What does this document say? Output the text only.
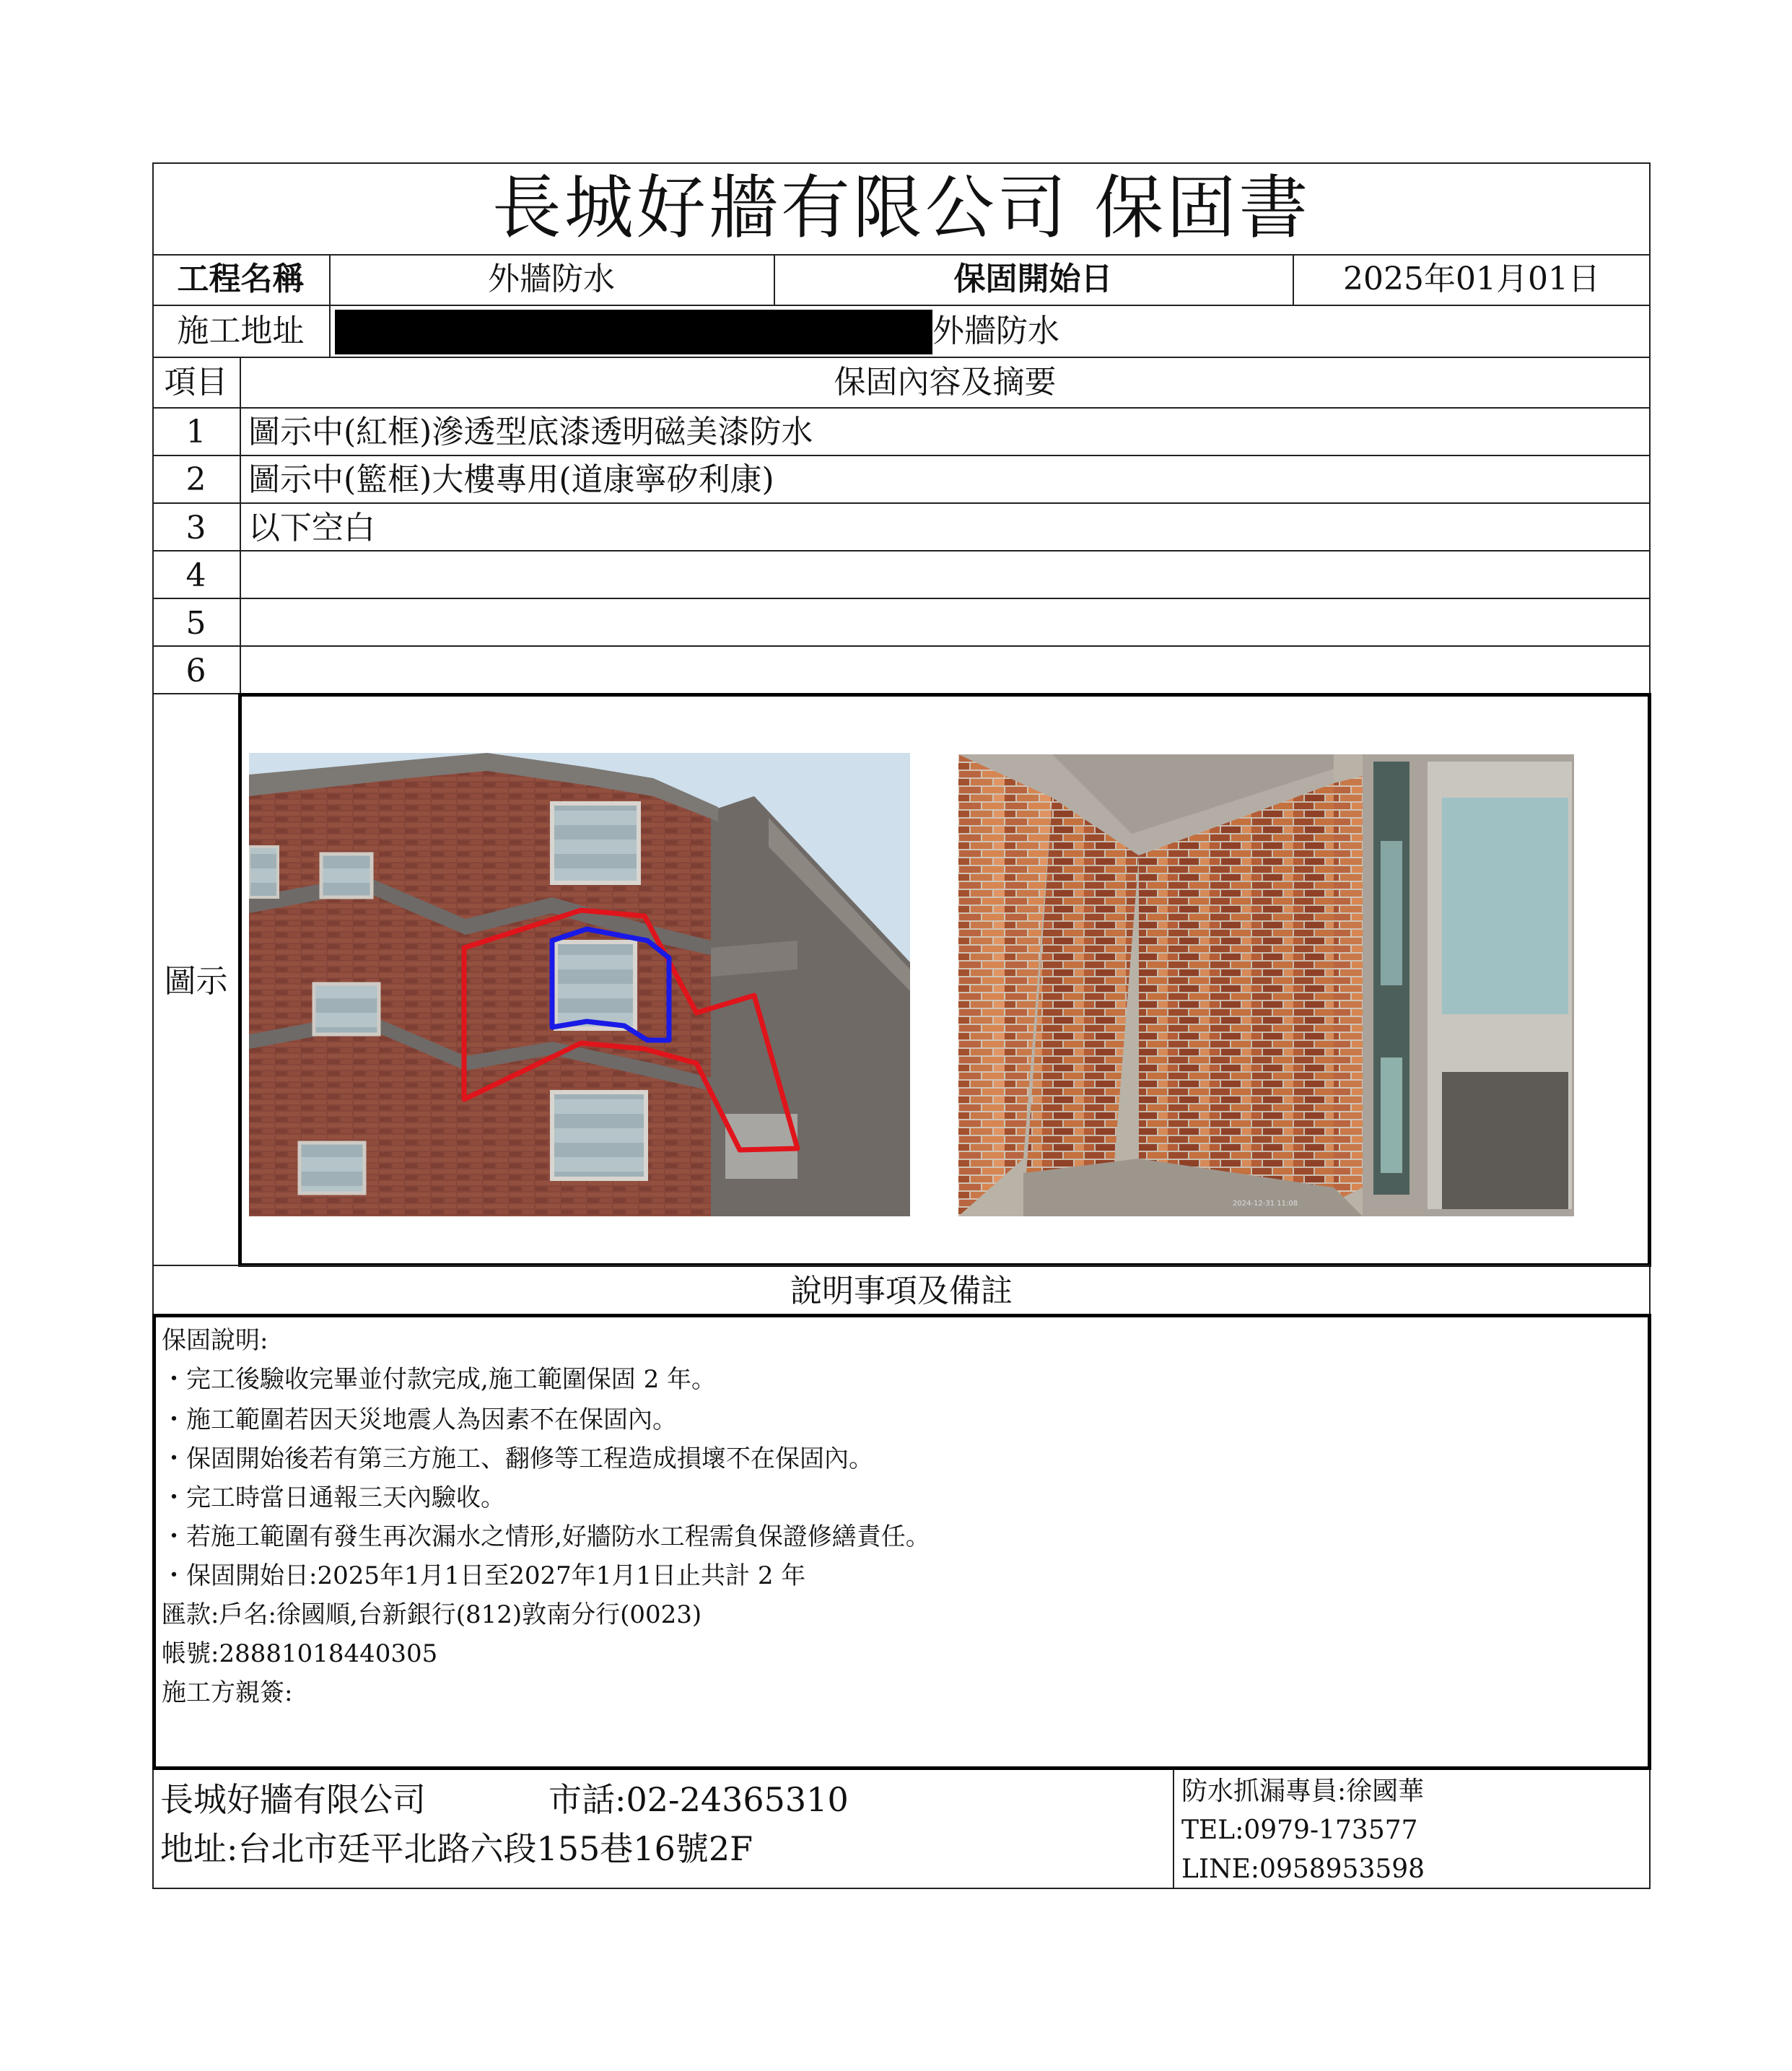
長城好牆有限公司 保固書
工程名稱	外牆防水	保固開始日	2025年01月01日
施工地址	外牆防水
項目	保固內容及摘要
1	圖示中(紅框)滲透型底漆透明磁美漆防水
2	圖示中(籃框)大樓專用(道康寧矽利康)
3	以下空白
4
5
6
圖示
2024-12-31 11:08
說明事項及備註
保固說明:
・完工後驗收完畢並付款完成,施工範圍保固 2 年。
・施工範圍若因天災地震人為因素不在保固內。
・保固開始後若有第三方施工、翻修等工程造成損壞不在保固內。
・完工時當日通報三天內驗收。
・若施工範圍有發生再次漏水之情形,好牆防水工程需負保證修繕責任。
・保固開始日:2025年1月1日至2027年1月1日止共計 2 年
匯款:戶名:徐國順,台新銀行(812)敦南分行(0023)
帳號:28881018440305
施工方親簽:
長城好牆有限公司	市話:02-24365310
地址:台北市廷平北路六段155巷16號2F
防水抓漏專員:徐國華
TEL:0979-173577
LINE:0958953598
